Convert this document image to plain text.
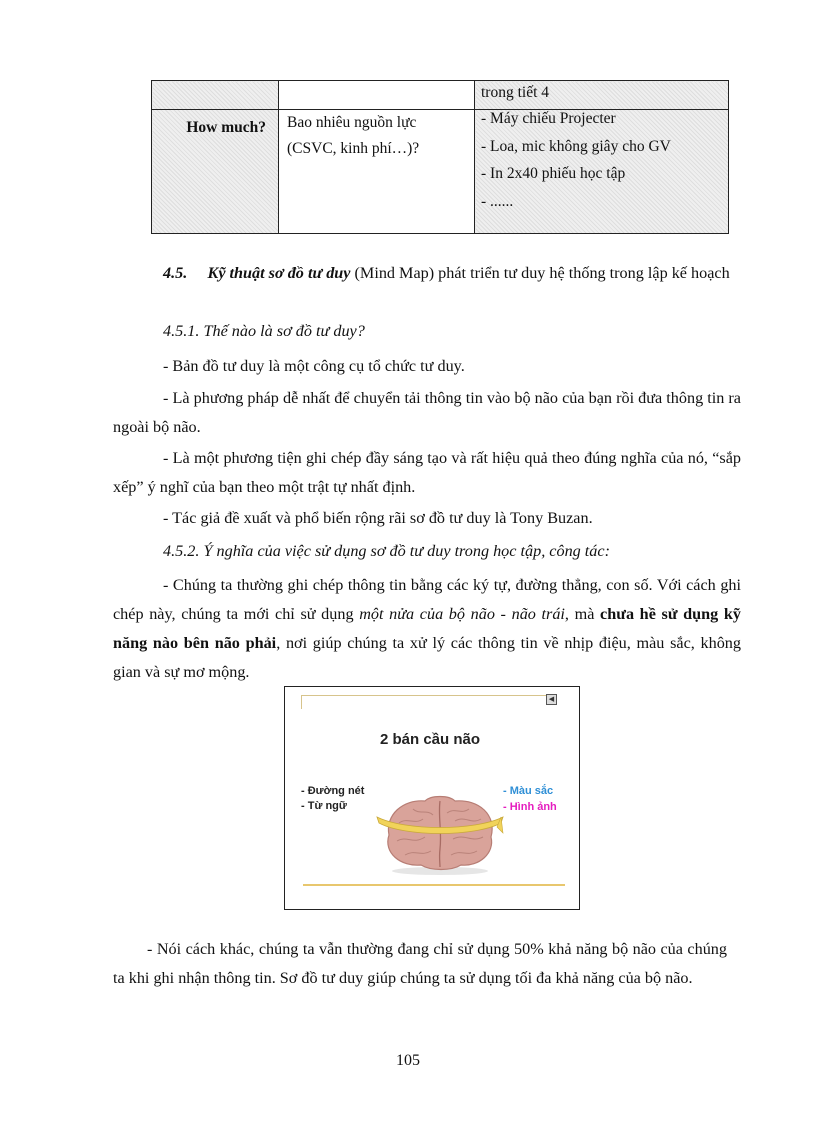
		trong tiết 4

How much?	Bao nhiêu nguồn lực (CSVC, kinh phí…)?	- Máy chiếu Projecter
- Loa, mic không giây cho GV
- In 2x40 phiếu học tập
- ......
4.5. Kỹ thuật sơ đồ tư duy (Mind Map) phát triển tư duy hệ thống trong lập kế hoạch
4.5.1. Thế nào là sơ đồ tư duy?
- Bản đồ tư duy là một công cụ tổ chức tư duy.
- Là phương pháp dễ nhất để chuyển tải thông tin vào bộ não của bạn rồi đưa thông tin ra ngoài bộ não.
- Là một phương tiện ghi chép đầy sáng tạo và rất hiệu quả theo đúng nghĩa của nó, “sắp xếp” ý nghĩ của bạn theo một trật tự nhất định.
- Tác giả đề xuất và phổ biến rộng rãi sơ đồ tư duy là Tony Buzan.
4.5.2. Ý nghĩa của việc sử dụng sơ đồ tư duy trong học tập, công tác:
- Chúng ta thường ghi chép thông tin bằng các ký tự, đường thẳng, con số. Với cách ghi chép này, chúng ta mới chỉ sử dụng một nửa của bộ não - não trái, mà chưa hề sử dụng kỹ năng nào bên não phải, nơi giúp chúng ta xử lý các thông tin về nhịp điệu, màu sắc, không gian và sự mơ mộng.
◀
2 bán cầu não
- Đường nét
- Từ ngữ
- Màu sắc
- Hình ảnh
- Nói cách khác, chúng ta vẫn thường đang chỉ sử dụng 50% khả năng bộ não của chúng ta khi ghi nhận thông tin. Sơ đồ tư duy giúp chúng ta sử dụng tối đa khả năng của bộ não.
105
